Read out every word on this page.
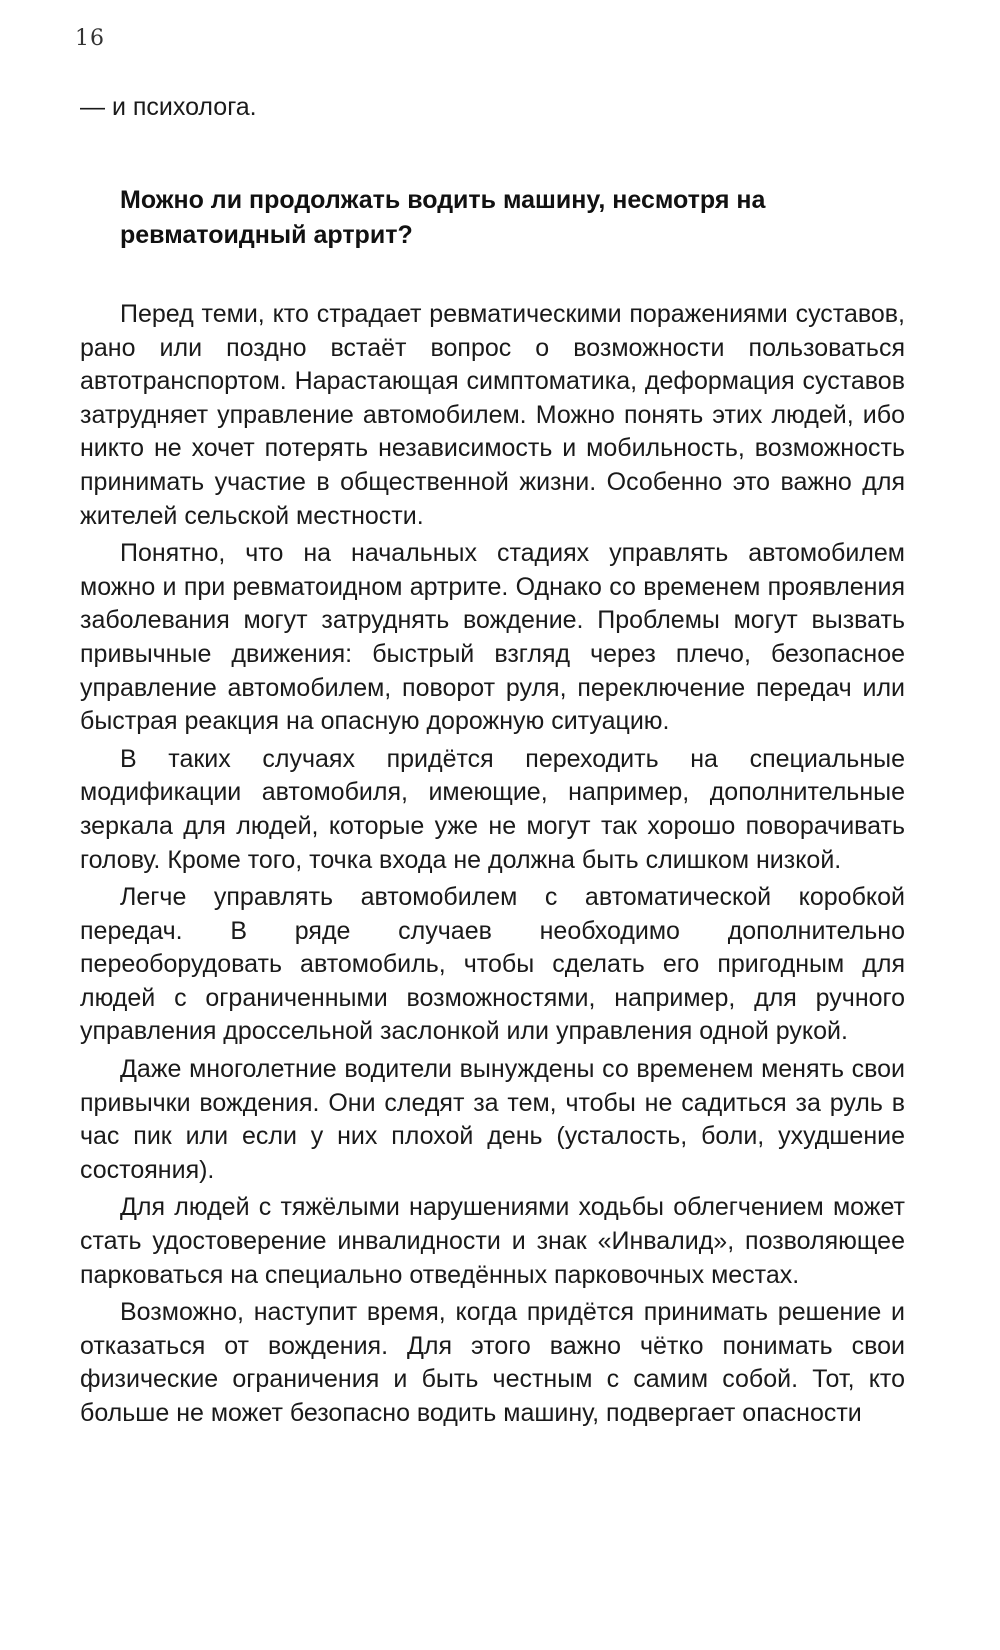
16
— и психолога.
Можно ли продолжать водить машину, несмотря на ревматоидный артрит?

Перед теми, кто страдает ревматическими поражениями суставов, рано или поздно встаёт вопрос о возможности пользоваться автотранспортом. Нарастающая симптоматика, деформация суставов затрудняет управление автомобилем. Можно понять этих людей, ибо никто не хочет потерять независимость и мобильность, возможность принимать участие в общественной жизни. Особенно это важно для жителей сельской местности.

Понятно, что на начальных стадиях управлять автомобилем можно и при ревматоидном артрите. Однако со временем проявления заболевания могут затруднять вождение. Проблемы могут вызвать привычные движения: быстрый взгляд через плечо, безопасное управление автомобилем, поворот руля, переключение передач или быстрая реакция на опасную дорожную ситуацию.

В таких случаях придётся переходить на специальные модификации автомобиля, имеющие, например, дополнительные зеркала для людей, которые уже не могут так хорошо поворачивать голову. Кроме того, точка входа не должна быть слишком низкой.

Легче управлять автомобилем с автоматической коробкой передач. В ряде случаев необходимо дополнительно переоборудовать автомобиль, чтобы сделать его пригодным для людей с ограниченными возможностями, например, для ручного управления дроссельной заслонкой или управления одной рукой.

Даже многолетние водители вынуждены со временем менять свои привычки вождения. Они следят за тем, чтобы не садиться за руль в час пик или если у них плохой день (усталость, боли, ухудшение состояния).

Для людей с тяжёлыми нарушениями ходьбы облегчением может стать удостоверение инвалидности и знак «Инвалид», позволяющее парковаться на специально отведённых парковочных местах.

Возможно, наступит время, когда придётся принимать решение и отказаться от вождения. Для этого важно чётко понимать свои физические ограничения и быть честным с самим собой. Тот, кто больше не может безопасно водить машину, подвергает опасности
